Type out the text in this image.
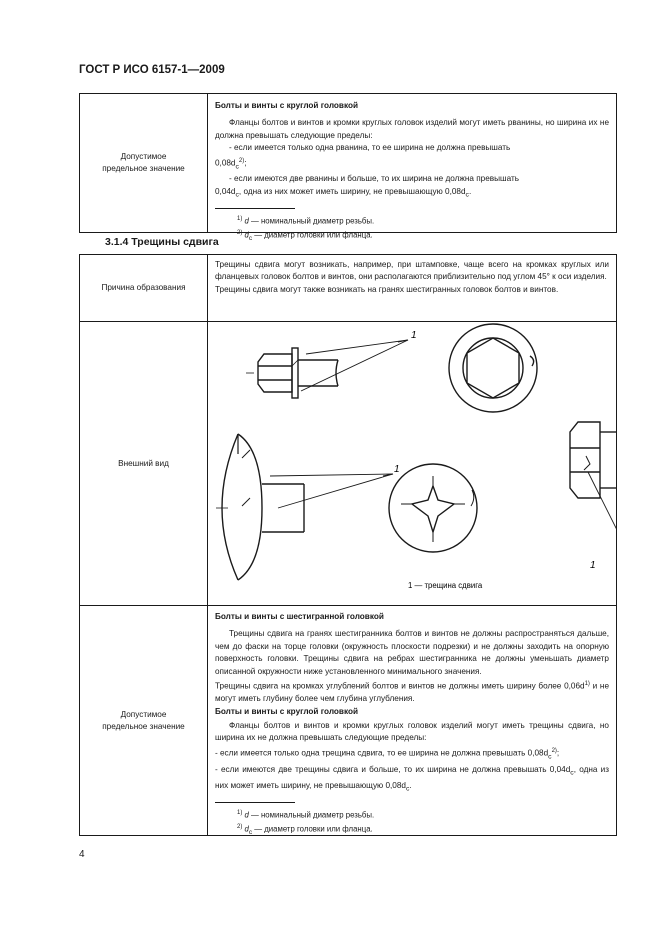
ГОСТ Р ИСО 6157-1—2009
Допустимое предельное значение
Болты и винты с круглой головкой
Фланцы болтов и винтов и кромки круглых головок изделий могут иметь рванины, но ширина их не должна превышать следующие пределы:
- если имеется только одна рванина, то ее ширина не должна превышать
$0,08d_c^{2)}$;
- если имеются две рванины и больше, то их ширина не должна превышать
$0,04d_c$, одна из них может иметь ширину, не превышающую $0,08d_c$.
$^{1)}$ d — номинальный диаметр резьбы.
$^{2)}$ $d_c$ — диаметр головки или фланца.
3.1.4 Трещины сдвига
Причина образования
Трещины сдвига могут возникать, например, при штамповке, чаще всего на кромках круглых или фланцевых головок болтов и винтов, они располагаются приблизительно под углом 45° к оси изделия.
Трещины сдвига могут также возникать на гранях шестигранных головок болтов и винтов.
Внешний вид
1
1
1
1 — трещина сдвига
Допустимое предельное значение
Болты и винты с шестигранной головкой
Трещины сдвига на гранях шестигранника болтов и винтов не должны распространяться дальше, чем до фаски на торце головки (окружность плоскости подрезки) и не должны заходить на опорную поверхность головки. Трещины сдвига на ребрах шестигранника не должны уменьшать диаметр описанной окружности ниже установленного минимального значения.
Трещины сдвига на кромках углублений болтов и винтов не должны иметь ширину более $0,06d^{1)}$ и не могут иметь глубину более чем глубина углубления.
Болты и винты с круглой головкой
Фланцы болтов и винтов и кромки круглых головок изделий могут иметь трещины сдвига, но ширина их не должна превышать следующие пределы:
- если имеется только одна трещина сдвига, то ее ширина не должна превышать $0,08d_c^{2)}$;
- если имеются две трещины сдвига и больше, то их ширина не должна превышать $0,04d_c$, одна из них может иметь ширину, не превышающую $0,08d_c$.
$^{1)}$ d — номинальный диаметр резьбы.
$^{2)}$ $d_c$ — диаметр головки или фланца.
4
